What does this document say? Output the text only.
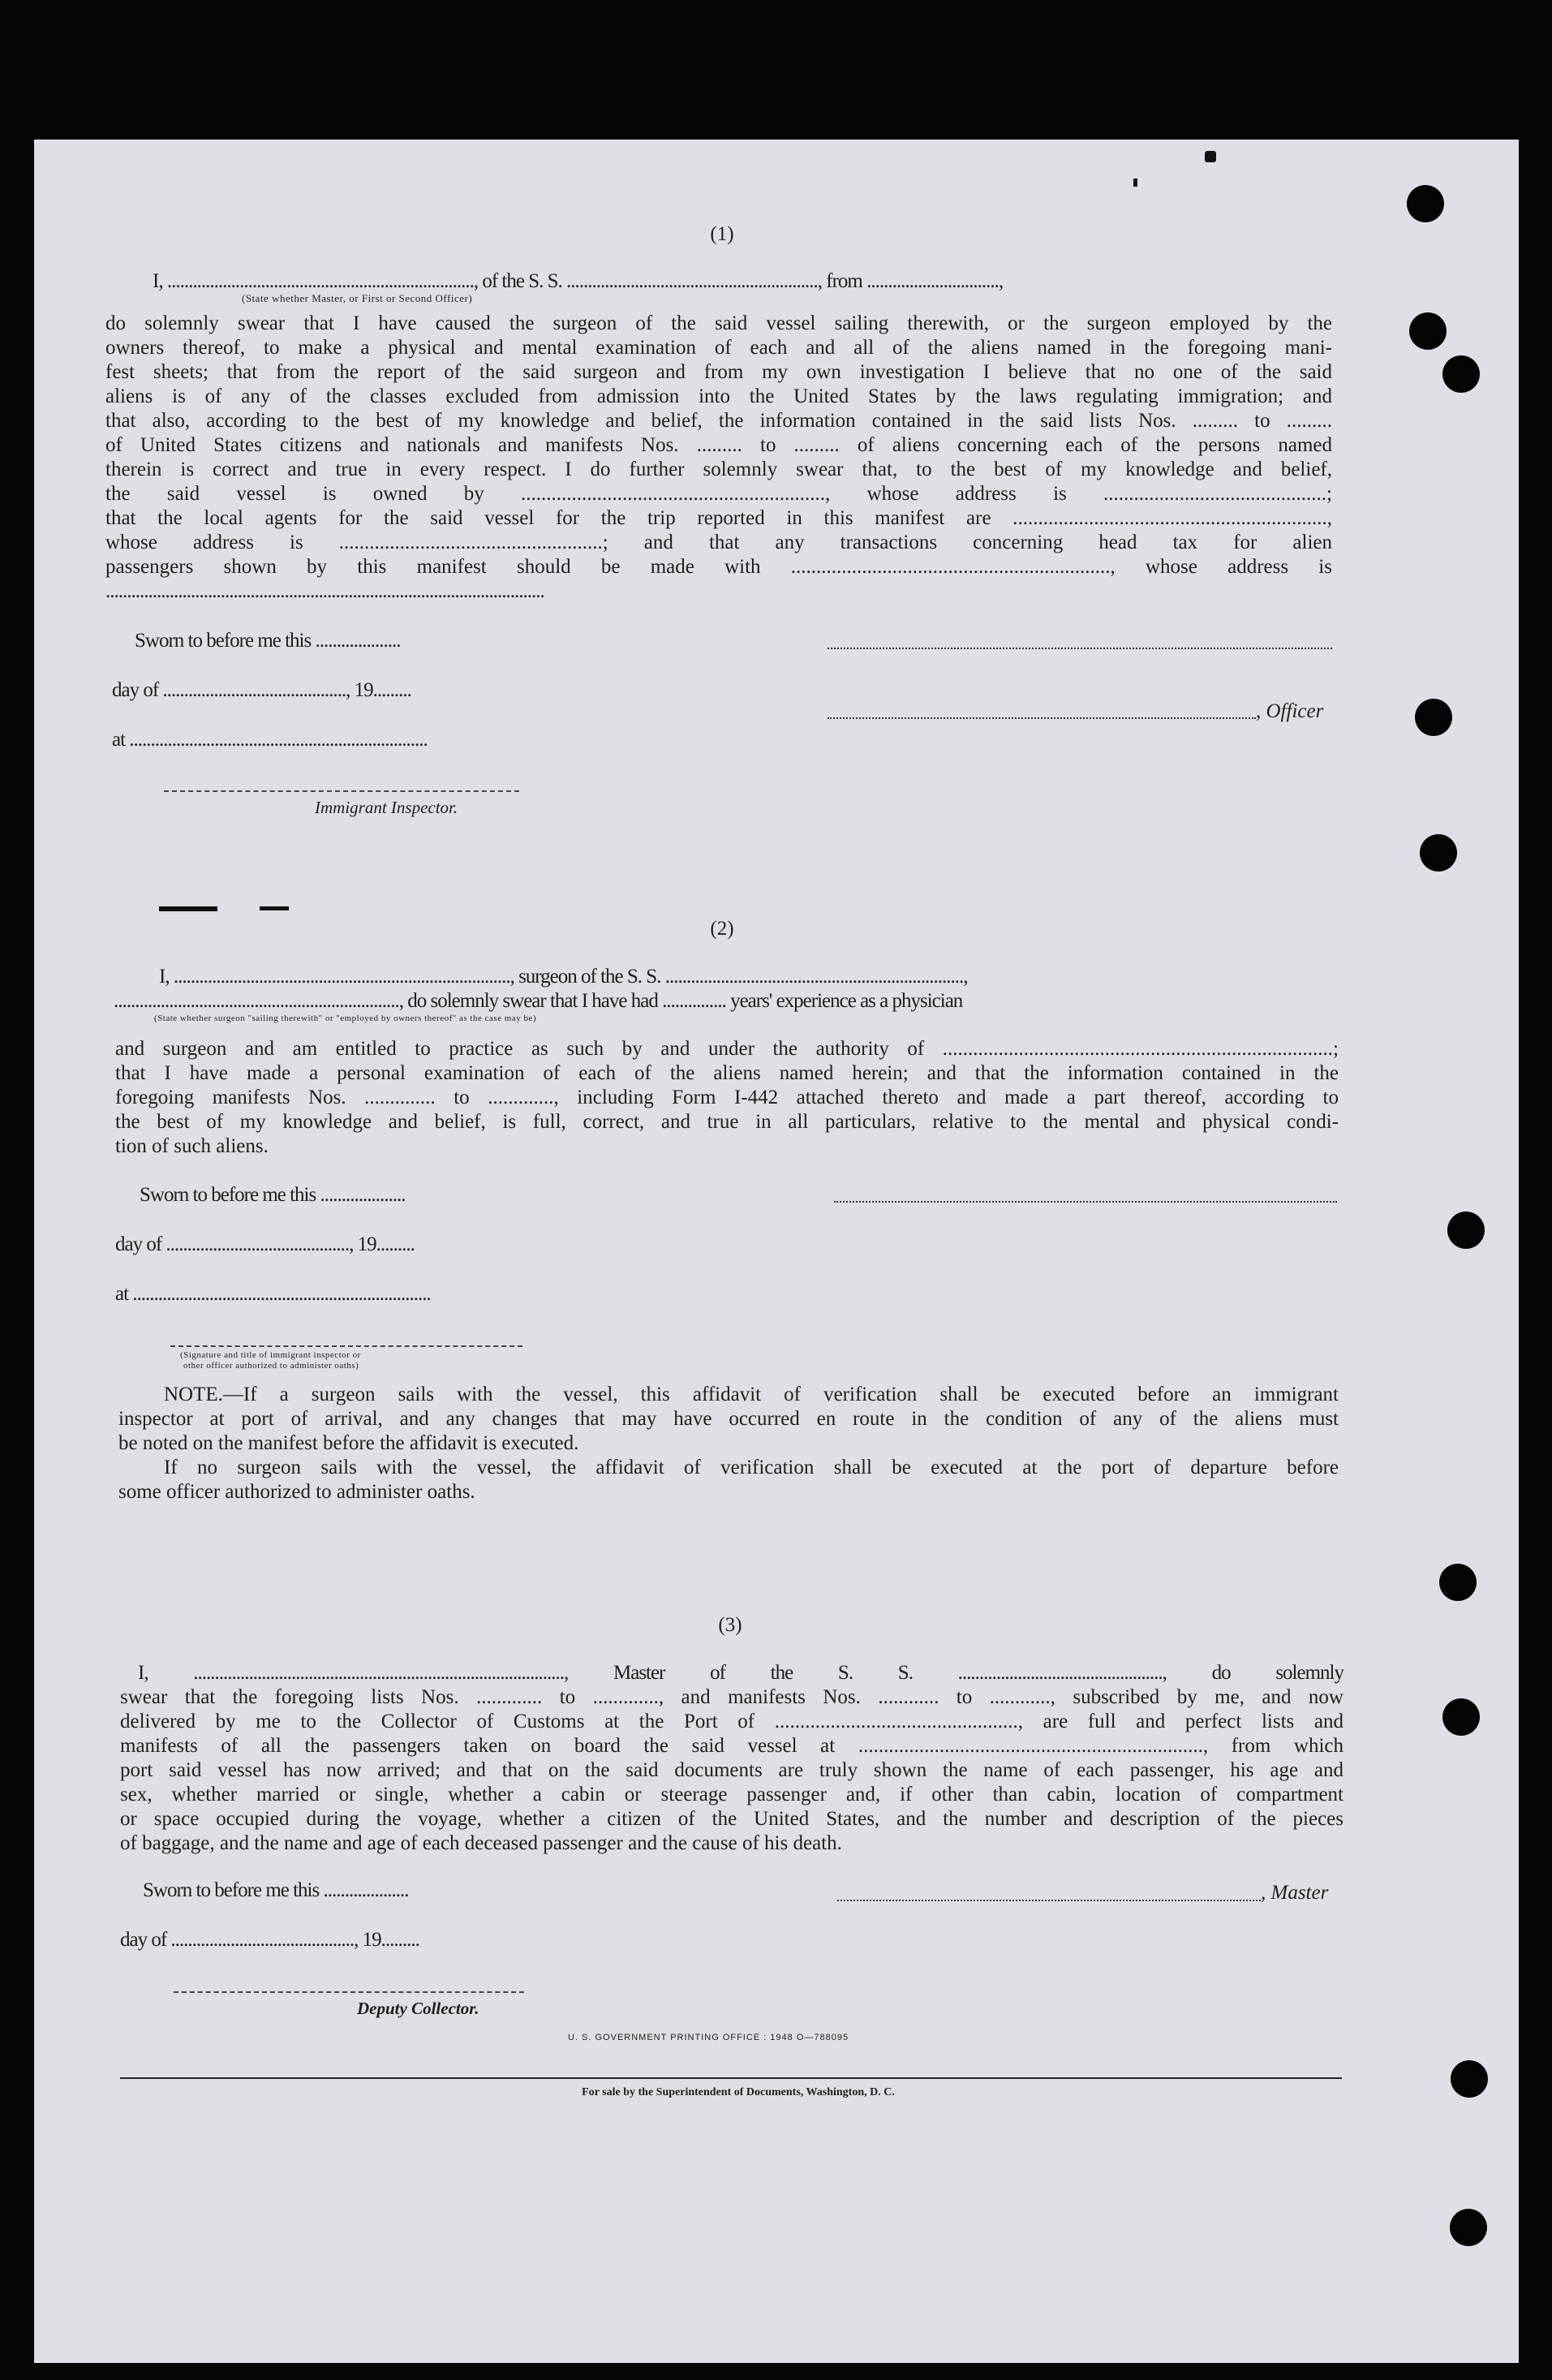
(1)
I, ........................................................................, of the S. S. ..........................................................., from ...............................,
(State whether Master, or First or Second Officer)
do solemnly swear that I have caused the surgeon of the said vessel sailing therewith, or the surgeon employed by the
owners thereof, to make a physical and mental examination of each and all of the aliens named in the foregoing mani-
fest sheets; that from the report of the said surgeon and from my own investigation I believe that no one of the said
aliens is of any of the classes excluded from admission into the United States by the laws regulating immigration; and
that also, according to the best of my knowledge and belief, the information contained in the said lists Nos. ......... to .........
of United States citizens and nationals and manifests Nos. ......... to ......... of aliens concerning each of the persons named
therein is correct and true in every respect. I do further solemnly swear that, to the best of my knowledge and belief,
the said vessel is owned by ............................................................, whose address is ............................................;
that the local agents for the said vessel for the trip reported in this manifest are ..............................................................,
whose address is ....................................................; and that any transactions concerning head tax for alien
passengers shown by this manifest should be made with ..............................................................., whose address is
.......................................................................................................
Sworn to before me this ....................
day of ..........................................., 19.........
, Officer
at ......................................................................
Immigrant Inspector.
(2)
I, ..............................................................................., surgeon of the S. S. ......................................................................,
..................................................................., do solemnly swear that I have had ............... years' experience as a physician
(State whether surgeon "sailing therewith" or "employed by owners thereof" as the case may be)
and surgeon and am entitled to practice as such by and under the authority of .............................................................................;
that I have made a personal examination of each of the aliens named herein; and that the information contained in the
foregoing manifests Nos. .............. to ............., including Form I-442 attached thereto and made a part thereof, according to
the best of my knowledge and belief, is full, correct, and true in all particulars, relative to the mental and physical condi-
tion of such aliens.
Sworn to before me this ....................
day of ..........................................., 19.........
at ......................................................................
(Signature and title of immigrant inspector or
other officer authorized to administer oaths)
NOTE.—If a surgeon sails with the vessel, this affidavit of verification shall be executed before an immigrant
inspector at port of arrival, and any changes that may have occurred en route in the condition of any of the aliens must
be noted on the manifest before the affidavit is executed.
If no surgeon sails with the vessel, the affidavit of verification shall be executed at the port of departure before
some officer authorized to administer oaths.
(3)
I, ......................................................................................., Master of the S. S. ................................................, do solemnly
swear that the foregoing lists Nos. ............. to ............., and manifests Nos. ............ to ............, subscribed by me, and now
delivered by me to the Collector of Customs at the Port of ................................................, are full and perfect lists and
manifests of all the passengers taken on board the said vessel at ...................................................................., from which
port said vessel has now arrived; and that on the said documents are truly shown the name of each passenger, his age and
sex, whether married or single, whether a cabin or steerage passenger and, if other than cabin, location of compartment
or space occupied during the voyage, whether a citizen of the United States, and the number and description of the pieces
of baggage, and the name and age of each deceased passenger and the cause of his death.
Sworn to before me this ....................	, Master
day of ..........................................., 19.........
Deputy Collector.
U. S. GOVERNMENT PRINTING OFFICE : 1948 O—788095
For sale by the Superintendent of Documents, Washington, D. C.
